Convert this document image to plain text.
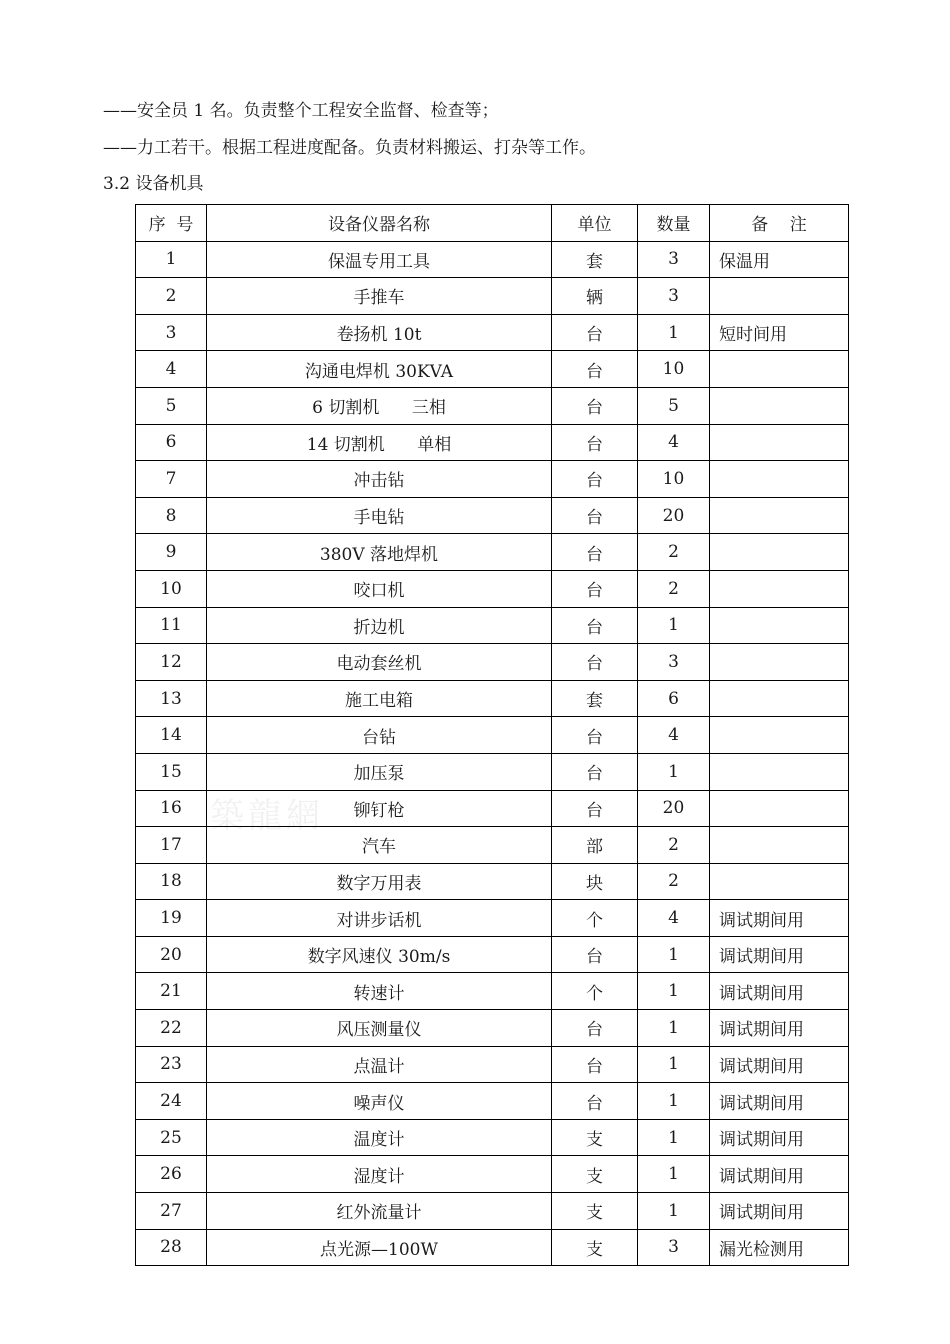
——安全员 1 名。负责整个工程安全监督、检查等；
——力工若干。根据工程进度配备。负责材料搬运、打杂等工作。
3.2 设备机具
築龍網
序  号	设备仪器名称	单位	数量	备    注
1	保温专用工具	套	3	保温用
2	手推车	辆	3	
3	卷扬机 10t	台	1	短时间用
4	沟通电焊机 30KVA	台	10	
5	6 切割机      三相	台	5	
6	14 切割机      单相	台	4	
7	冲击钻	台	10	
8	手电钻	台	20	
9	380V 落地焊机	台	2	
10	咬口机	台	2	
11	折边机	台	1	
12	电动套丝机	台	3	
13	施工电箱	套	6	
14	台钻	台	4	
15	加压泵	台	1	
16	铆钉枪	台	20	
17	汽车	部	2	
18	数字万用表	块	2	
19	对讲步话机	个	4	调试期间用
20	数字风速仪 30m/s	台	1	调试期间用
21	转速计	个	1	调试期间用
22	风压测量仪	台	1	调试期间用
23	点温计	台	1	调试期间用
24	噪声仪	台	1	调试期间用
25	温度计	支	1	调试期间用
26	湿度计	支	1	调试期间用
27	红外流量计	支	1	调试期间用
28	点光源—100W	支	3	漏光检测用
